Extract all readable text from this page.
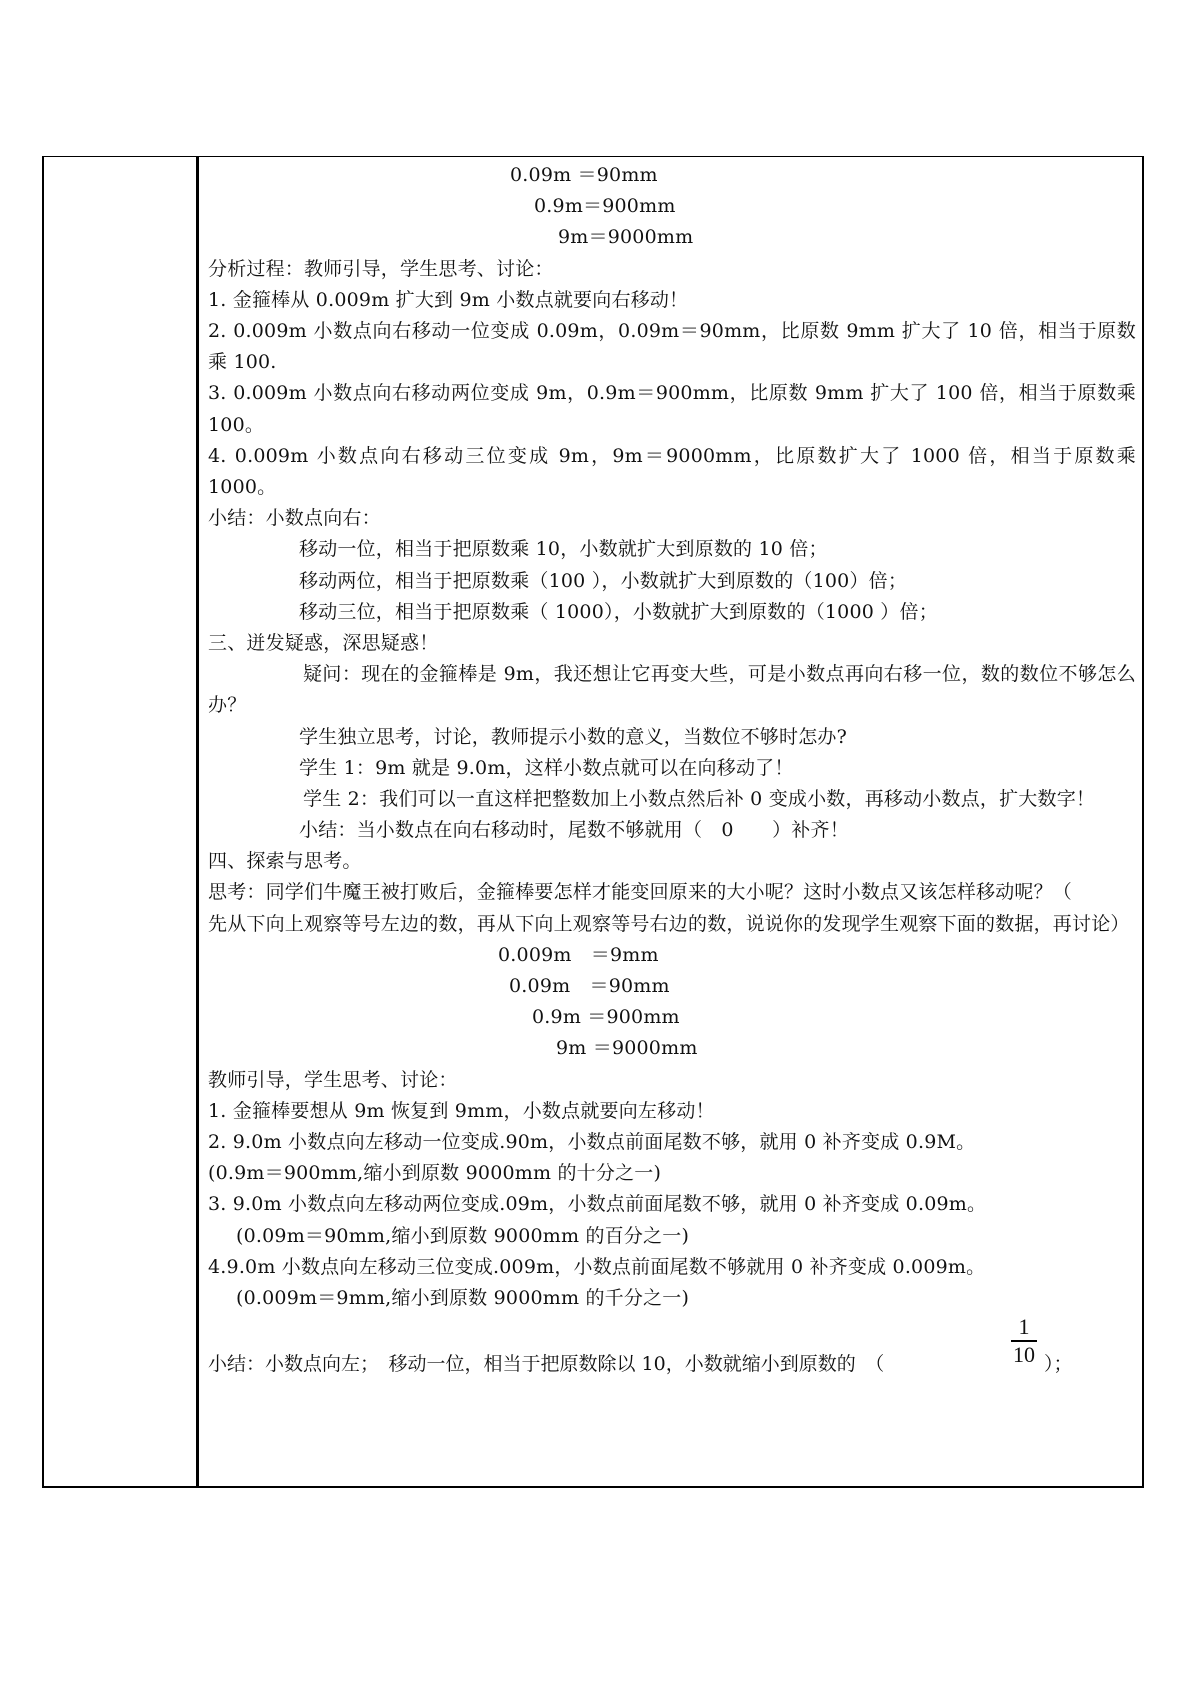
0.09m ＝90mm
0.9m＝900mm
9m＝9000mm
分析过程：教师引导，学生思考、讨论：
1. 金箍棒从 0.009m 扩大到 9m 小数点就要向右移动！
2. 0.009m 小数点向右移动一位变成 0.09m，0.09m＝90mm，比原数 9mm 扩大了 10 倍，相当于原数乘 100.
3. 0.009m 小数点向右移动两位变成 9m，0.9m＝900mm，比原数 9mm 扩大了 100 倍，相当于原数乘 100。
4. 0.009m 小数点向右移动三位变成 9m，9m＝9000mm，比原数扩大了 1000 倍，相当于原数乘 1000。
小结：小数点向右：
移动一位，相当于把原数乘 10，小数就扩大到原数的 10 倍；
移动两位，相当于把原数乘（100 ），小数就扩大到原数的（100）倍；
移动三位，相当于把原数乘（ 1000），小数就扩大到原数的（1000 ）倍；
三、迸发疑惑，深思疑惑！
疑问：现在的金箍棒是 9m，我还想让它再变大些，可是小数点再向右移一位，数的数位不够怎么办？
学生独立思考，讨论，教师提示小数的意义，当数位不够时怎办?
学生 1：9m 就是 9.0m，这样小数点就可以在向移动了！
学生 2：我们可以一直这样把整数加上小数点然后补 0 变成小数，再移动小数点，扩大数字！
小结：当小数点在向右移动时，尾数不够就用（　0　　）补齐！
四、探索与思考。
思考：同学们牛魔王被打败后，金箍棒要怎样才能变回原来的大小呢？这时小数点又该怎样移动呢？（
先从下向上观察等号左边的数，再从下向上观察等号右边的数，说说你的发现学生观察下面的数据，再讨论）
0.009m　＝9mm
0.09m　＝90mm
0.9m ＝900mm
9m ＝9000mm
教师引导，学生思考、讨论：
1. 金箍棒要想从 9m 恢复到 9mm，小数点就要向左移动！
2. 9.0m 小数点向左移动一位变成.90m，小数点前面尾数不够，就用 0 补齐变成 0.9M。
(0.9m＝900mm,缩小到原数 9000mm 的十分之一)
3. 9.0m 小数点向左移动两位变成.09m，小数点前面尾数不够，就用 0 补齐变成 0.09m。
(0.09m＝90mm,缩小到原数 9000mm 的百分之一)
4.9.0m 小数点向左移动三位变成.009m，小数点前面尾数不够就用 0 补齐变成 0.009m。
(0.009m＝9mm,缩小到原数 9000mm 的千分之一)
小结：小数点向左；　移动一位，相当于把原数除以 10，小数就缩小到原数的　（
1
10 ）；
